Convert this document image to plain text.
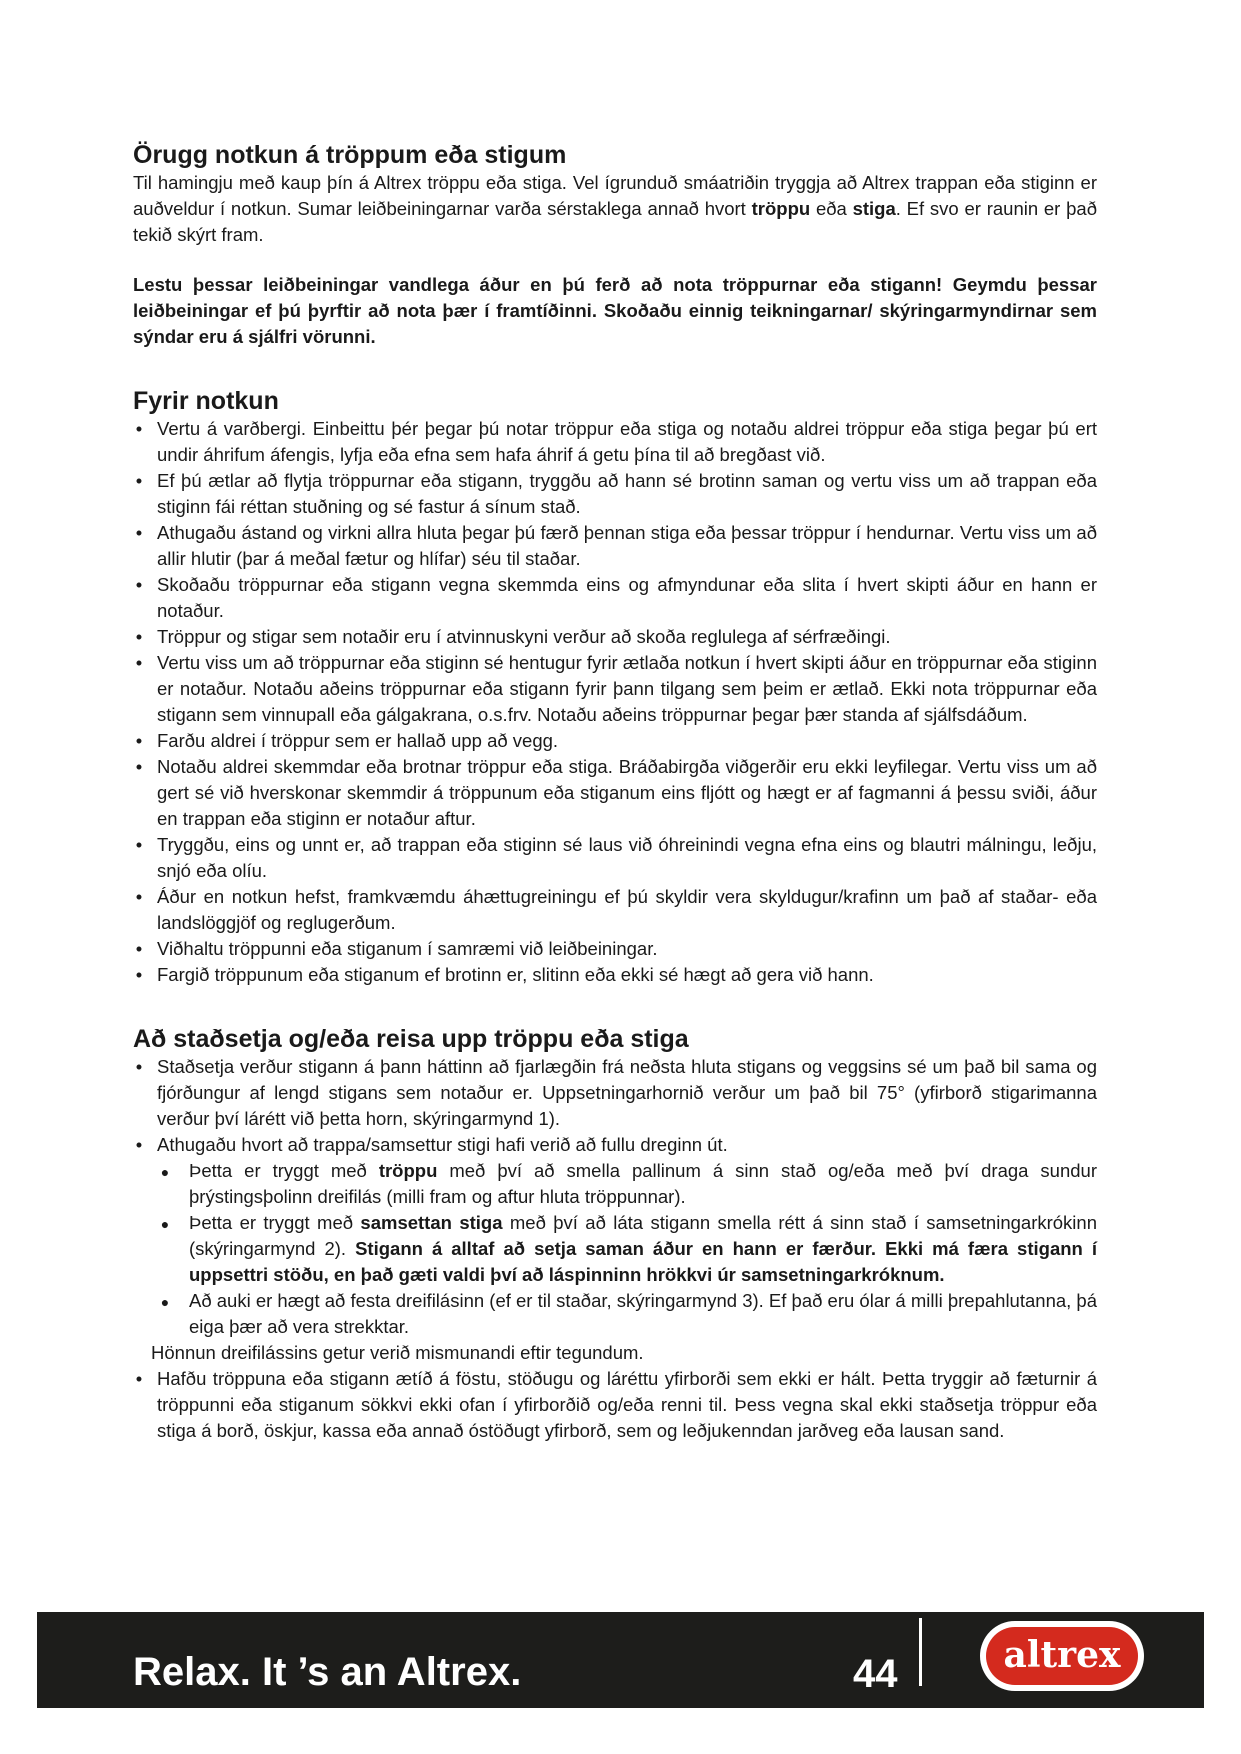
Örugg notkun á tröppum eða stigum

Til hamingju með kaup þín á Altrex tröppu eða stiga. Vel ígrunduð smáatriðin tryggja að Altrex trappan eða stiginn er auðveldur í notkun. Sumar leiðbeiningarnar varða sérstaklega annað hvort tröppu eða stiga. Ef svo er raunin er það tekið skýrt fram.

Lestu þessar leiðbeiningar vandlega áður en þú ferð að nota tröppurnar eða stigann! Geymdu þessar leiðbeiningar ef þú þyrftir að nota þær í framtíðinni. Skoðaðu einnig teikningarnar/ skýringarmyndirnar sem sýndar eru á sjálfri vörunni.

Fyrir notkun
• Vertu á varðbergi. Einbeittu þér þegar þú notar tröppur eða stiga og notaðu aldrei tröppur eða stiga þegar þú ert undir áhrifum áfengis, lyfja eða efna sem hafa áhrif á getu þína til að bregðast við.
• Ef þú ætlar að flytja tröppurnar eða stigann, tryggðu að hann sé brotinn saman og vertu viss um að trappan eða stiginn fái réttan stuðning og sé fastur á sínum stað.
• Athugaðu ástand og virkni allra hluta þegar þú færð þennan stiga eða þessar tröppur í hendurnar. Vertu viss um að allir hlutir (þar á meðal fætur og hlífar) séu til staðar.
• Skoðaðu tröppurnar eða stigann vegna skemmda eins og afmyndunar eða slita í hvert skipti áður en hann er notaður.
• Tröppur og stigar sem notaðir eru í atvinnuskyni verður að skoða reglulega af sérfræðingi.
• Vertu viss um að tröppurnar eða stiginn sé hentugur fyrir ætlaða notkun í hvert skipti áður en tröppurnar eða stiginn er notaður. Notaðu aðeins tröppurnar eða stigann fyrir þann tilgang sem þeim er ætlað. Ekki nota tröppurnar eða stigann sem vinnupall eða gálgakrana, o.s.frv. Notaðu aðeins tröppurnar þegar þær standa af sjálfsdáðum.
• Farðu aldrei í tröppur sem er hallað upp að vegg.
• Notaðu aldrei skemmdar eða brotnar tröppur eða stiga. Bráðabirgða viðgerðir eru ekki leyfilegar. Vertu viss um að gert sé við hverskonar skemmdir á tröppunum eða stiganum eins fljótt og hægt er af fagmanni á þessu sviði, áður en trappan eða stiginn er notaður aftur.
• Tryggðu, eins og unnt er, að trappan eða stiginn sé laus við óhreinindi vegna efna eins og blautri málningu, leðju, snjó eða olíu.
• Áður en notkun hefst, framkvæmdu áhættugreiningu ef þú skyldir vera skyldugur/krafinn um það af staðar- eða landslöggjöf og reglugerðum.
• Viðhaltu tröppunni eða stiganum í samræmi við leiðbeiningar.
• Fargið tröppunum eða stiganum ef brotinn er, slitinn eða ekki sé hægt að gera við hann.
Að staðsetja og/eða reisa upp tröppu eða stiga
• Staðsetja verður stigann á þann háttinn að fjarlægðin frá neðsta hluta stigans og veggsins sé um það bil sama og fjórðungur af lengd stigans sem notaður er. Uppsetningarhornið verður um það bil 75° (yfirborð stigarimanna verður því lárétt við þetta horn, skýringarmynd 1).
• Athugaðu hvort að trappa/samsettur stigi hafi verið að fullu dreginn út.
● Þetta er tryggt með tröppu með því að smella pallinum á sinn stað og/eða með því draga sundur þrýstingsþolinn dreifilás (milli fram og aftur hluta tröppunnar).
● Þetta er tryggt með samsettan stiga með því að láta stigann smella rétt á sinn stað í samsetningarkrókinn (skýringarmynd 2). Stigann á alltaf að setja saman áður en hann er færður. Ekki má færa stigann í uppsettri stöðu, en það gæti valdi því að láspinninn hrökkvi úr samsetningarkróknum.
● Að auki er hægt að festa dreifilásinn (ef er til staðar, skýringarmynd 3). Ef það eru ólar á milli þrepahlutanna, þá eiga þær að vera strekktar.

Hönnun dreifilássins getur verið mismunandi eftir tegundum.

• Hafðu tröppuna eða stigann ætíð á föstu, stöðugu og láréttu yfirborði sem ekki er hált. Þetta tryggir að fæturnir á tröppunni eða stiganum sökkvi ekki ofan í yfirborðið og/eða renni til. Þess vegna skal ekki staðsetja tröppur eða stiga á borð, öskjur, kassa eða annað óstöðugt yfirborð, sem og leðjukenndan jarðveg eða lausan sand.
Relax. It ’s an Altrex.	44	altrex
